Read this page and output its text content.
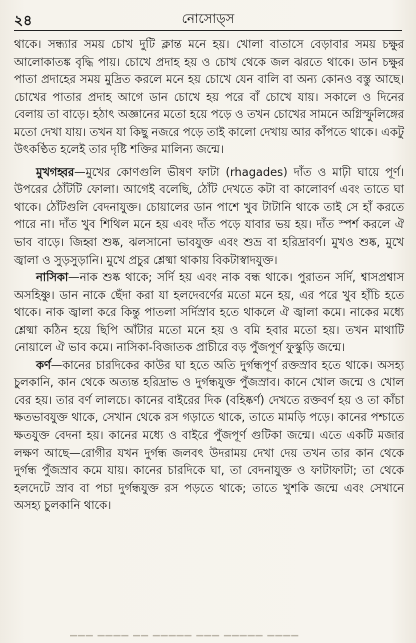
২৪	নোসোড্‌স

থাকে। সন্ধ্যার সময় চোখ দুটি ক্লান্ত মনে হয়। খোলা বাতাসে বেড়াবার সময় চক্ষুর আলোকাতঙ্ক বৃদ্ধি পায়। চোখে প্রদাহ হয় ও চোখ থেকে জল ঝরতে থাকে। ডান চক্ষুর পাতা প্রদাহের সময় মুদ্রিত করলে মনে হয় চোখে যেন বালি বা অন্য কোনও বস্তু আছে। চোখের পাতার প্রদাহ আগে ডান চোখে হয় পরে বাঁ চোখে যায়। সকালে ও দিনের বেলায় তা বাড়ে। হঠাৎ অজ্ঞানের মতো হয়ে পড়ে ও তখন চোখের সামনে অগ্নিস্ফুলিঙ্গের মতো দেখা যায়। তখন যা কিছু নজরে পড়ে তাই কালো দেখায় আর কাঁপতে থাকে। একটু উৎকণ্ঠিত হলেই তার দৃষ্টি শক্তির মালিন্য জন্মে।

মুখগহ্বর—মুখের কোণগুলি ভীষণ ফাটা (rhagades) দাঁত ও মাঢ়ী ঘায়ে পূর্ণ। উপরের ঠোঁটটি ফোলা। আগেই বলেছি, ঠোঁট দেখতে কটা বা কালোবর্ণ এবং তাতে ঘা থাকে। ঠোঁটগুলি বেদনাযুক্ত। চোয়ালের ডান পাশে খুব টাটানি থাকে তাই সে হাঁ করতে পারে না। দাঁত খুব শিথিল মনে হয় এবং দাঁত পড়ে যাবার ভয় হয়। দাঁত স্পর্শ করলে ঐ ভাব বাড়ে। জিহ্বা শুষ্ক, ঝলসানো ভাবযুক্ত এবং শুভ্র বা হরিদ্রাবর্ণ। মুখও শুষ্ক, মুখে জ্বালা ও সুড়সুড়ানি। মুখে প্রচুর শ্লেষ্মা থাকায় বিকটাস্বাদযুক্ত।

নাসিকা—নাক শুষ্ক থাকে; সর্দি হয় এবং নাক বন্ধ থাকে। পুরাতন সর্দি, শ্বাসপ্রশ্বাস অসহিষ্ণু। ডান নাকে ছেঁদা করা যা হলদেবর্ণের মতো মনে হয়, এর পরে খুব হাঁচি হতে থাকে। নাক জ্বালা করে কিন্তু পাতলা সর্দিস্রাব হতে থাকলে ঐ জ্বালা কমে। নাকের মধ্যে শ্লেষ্মা কঠিন হয়ে ছিপি আঁটার মতো মনে হয় ও বমি হবার মতো হয়। তখন মাথাটি নোয়ালে ঐ ভাব কমে। নাসিকা-বিজাতক প্রাচীরে বড় পুঁজপূর্ণ ফুস্কুড়ি জন্মে।

কর্ণ—কানের চারদিকের কাউর ঘা হতে অতি দুর্গন্ধপূর্ণ রক্তস্রাব হতে থাকে। অসহ্য চুলকানি, কান থেকে অত্যন্ত হরিদ্রাভ ও দুর্গন্ধযুক্ত পুঁজস্রাব। কানে খোল জন্মে ও খোল বের হয়। তার বর্ণ লালচে। কানের বাইরের দিক (বহিষ্কর্ণ) দেখতে রক্তবর্ণ হয় ও তা কাঁচা ক্ষতভাবযুক্ত থাকে, সেখান থেকে রস গড়াতে থাকে, তাতে মামড়ি পড়ে। কানের পশ্চাতে ক্ষতযুক্ত বেদনা হয়। কানের মধ্যে ও বাইরে পুঁজপূর্ণ গুটিকা জন্মে। এতে একটি মজার লক্ষণ আছে—রোগীর যখন দুর্গন্ধ জলবৎ উদরাময় দেখা দেয় তখন তার কান থেকে দুর্গন্ধ পুঁজস্রাব কমে যায়। কানের চারদিকে ঘা, তা বেদনাযুক্ত ও ফাটাফাটা; তা থেকে হলদেটে স্রাব বা পচা দুর্গন্ধযুক্ত রস পড়তে থাকে; তাতে খুশকি জন্মে এবং সেখানে অসহ্য চুলকানি থাকে।

▁▁▁ ▁▁▁▁ ▁▁ ▁▁▁▁▁ ▁▁▁ ▁▁▁▁▁ ▁▁▁▁
